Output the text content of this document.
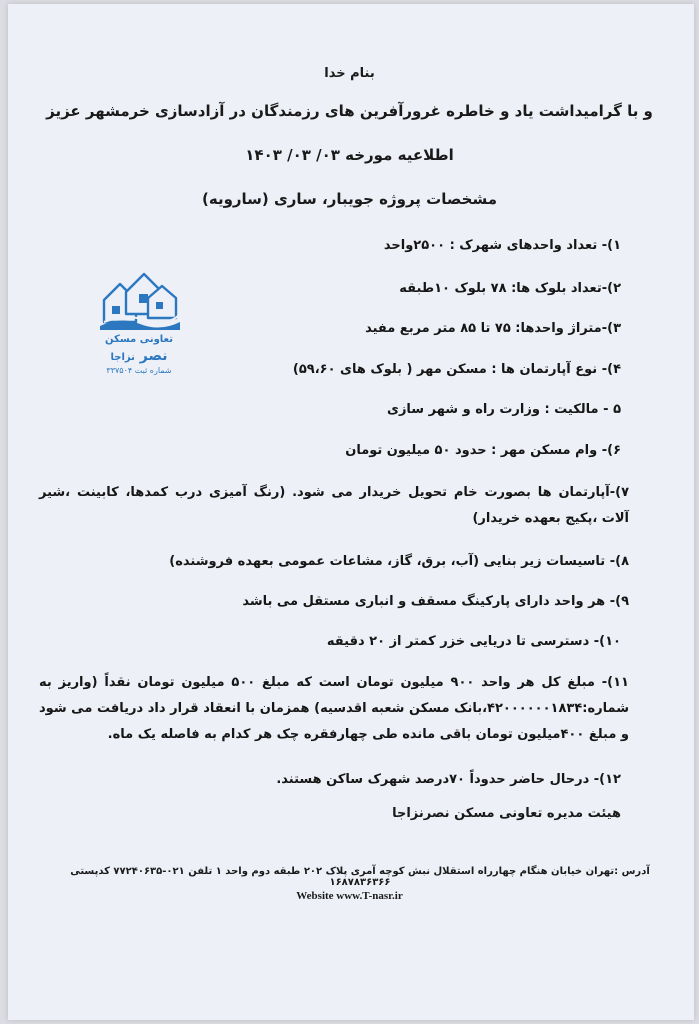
بنام خدا
و با گرامیداشت یاد و خاطره غرورآفرین های رزمندگان در آزادسازی خرمشهر عزیز
اطلاعیه مورخه ۰۳/ ۰۳/ ۱۴۰۳
مشخصات پروژه جویبار، ساری (سارویه)
تعاونی مسکن
نصر نزاجا
شماره ثبت ۳۳۷۵۰۴
۱)- تعداد واحدهای شهرک : ۲۵۰۰واحد
۲)-تعداد بلوک ها: ۷۸ بلوک ۱۰طبقه
۳)-متراژ واحدها: ۷۵ تا ۸۵ متر مربع مفید
۴)- نوع آپارتمان ها : مسکن مهر ( بلوک های ۵۹،۶۰)
۵ - مالکیت : وزارت راه و شهر سازی
۶)- وام مسکن مهر : حدود ۵۰ میلیون تومان
۷)-آپارتمان ها بصورت خام تحویل خریدار می شود. (رنگ آمیزی درب کمدها، کابینت ،شیر آلات ،پکیج بعهده خریدار)
۸)- تاسیسات زیر بنایی (آب، برق، گاز، مشاعات عمومی بعهده فروشنده)
۹)- هر واحد دارای پارکینگ مسقف و انباری مستقل می باشد
۱۰)- دسترسی تا دریایی خزر کمتر از ۲۰ دقیقه
۱۱)- مبلغ کل هر واحد ۹۰۰ میلیون تومان است که مبلغ ۵۰۰ میلیون تومان نقداً (واریز به شماره:۴۲۰۰۰۰۰۰۱۸۳۴،بانک مسکن شعبه اقدسیه) همزمان با انعقاد قرار داد دریافت می شود و مبلغ ۴۰۰میلیون تومان باقی مانده طی چهارفقره چک هر کدام به فاصله یک ماه.
۱۲)- درحال حاضر حدوداً ۷۰درصد شهرک ساکن هستند.
هیئت مدیره تعاونی مسکن نصرنزاجا
آدرس :تهران خیابان هنگام چهارراه استقلال نبش کوچه آمری پلاک ۲۰۲ طبقه دوم واحد ۱ تلفن ۰۲۱-۷۷۲۴۰۶۳۵ کدپستی ۱۶۸۷۸۳۶۳۶۶
Website www.T-nasr.ir
